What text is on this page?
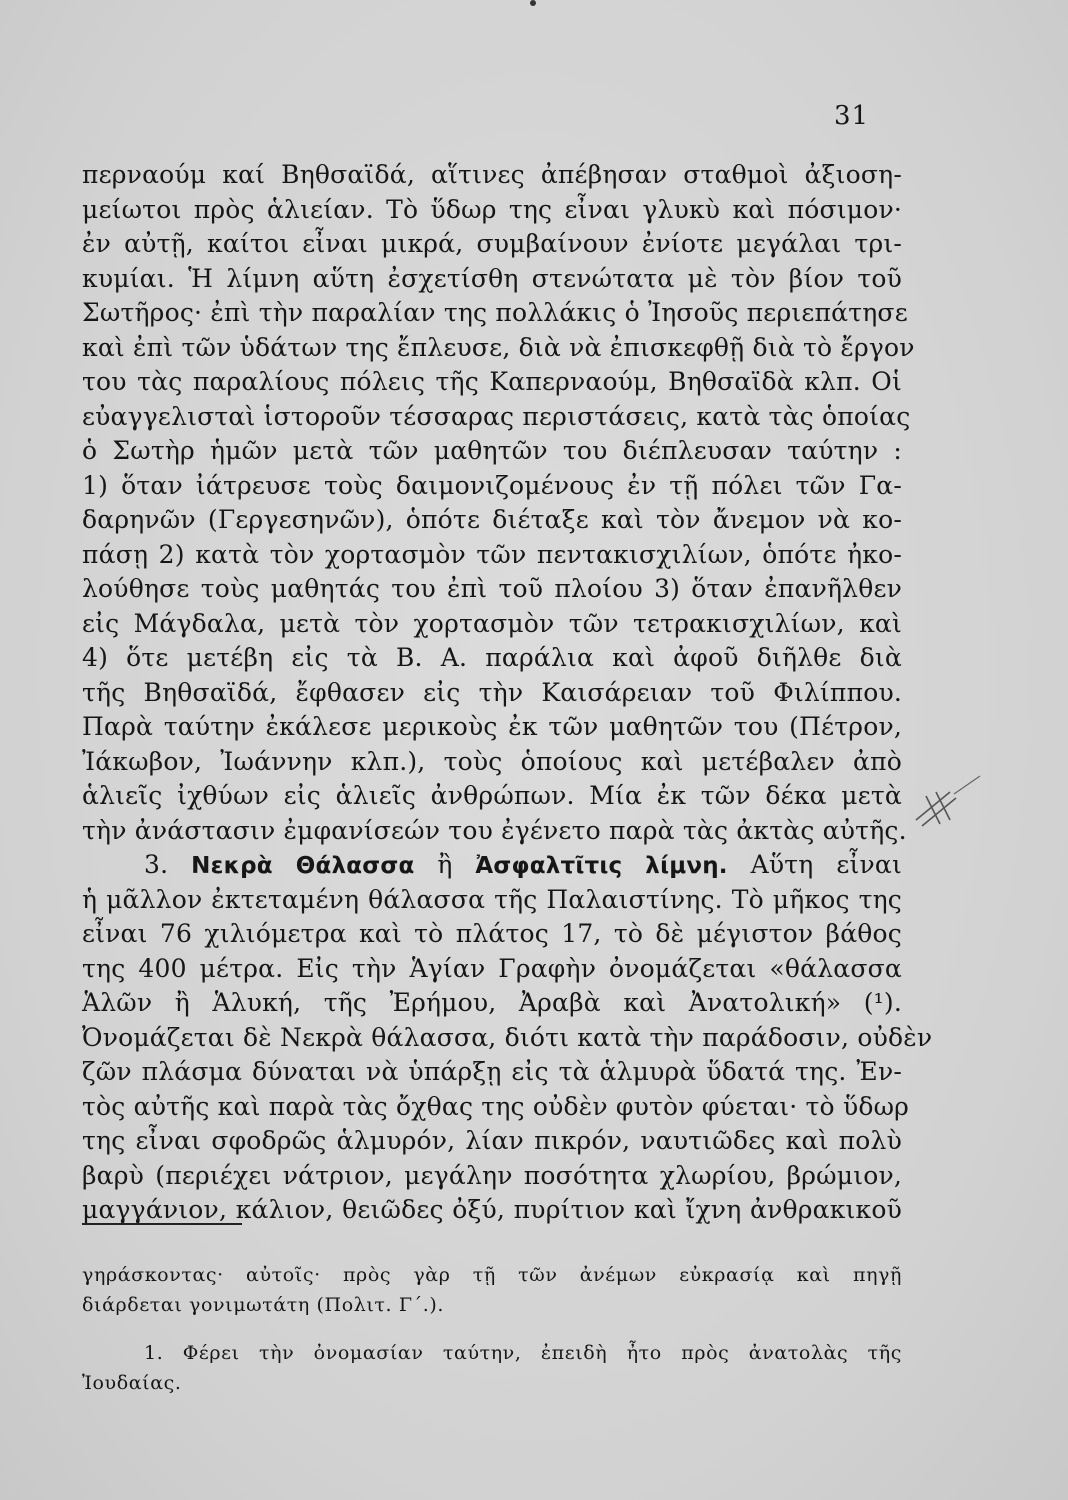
31
περναούμ καί Βηθσαϊδά, αἵτινες ἀπέβησαν σταθμοὶ ἀξιοση-
μείωτοι πρὸς ἁλιείαν. Τὸ ὕδωρ της εἶναι γλυκὺ καὶ πόσιμον·
ἐν αὐτῇ, καίτοι εἶναι μικρά, συμβαίνουν ἐνίοτε μεγάλαι τρι-
κυμίαι. Ἡ λίμνη αὕτη ἐσχετίσθη στενώτατα μὲ τὸν βίον τοῦ
Σωτῆρος· ἐπὶ τὴν παραλίαν της πολλάκις ὁ Ἰησοῦς περιεπάτησε
καὶ ἐπὶ τῶν ὑδάτων της ἔπλευσε, διὰ νὰ ἐπισκεφθῇ διὰ τὸ ἔργον
του τὰς παραλίους πόλεις τῆς Καπερναούμ, Βηθσαϊδὰ κλπ. Οἱ
εὐαγγελισταὶ ἱστοροῦν τέσσαρας περιστάσεις, κατὰ τὰς ὁποίας
ὁ Σωτὴρ ἡμῶν μετὰ τῶν μαθητῶν του διέπλευσαν ταύτην :
1) ὅταν ἰάτρευσε τοὺς δαιμονιζομένους ἐν τῇ πόλει τῶν Γα-
δαρηνῶν (Γεργεσηνῶν), ὁπότε διέταξε καὶ τὸν ἄνεμον νὰ κο-
πάσῃ 2) κατὰ τὸν χορτασμὸν τῶν πεντακισχιλίων, ὁπότε ἠκο-
λούθησε τοὺς μαθητάς του ἐπὶ τοῦ πλοίου 3) ὅταν ἐπανῆλθεν
εἰς Μάγδαλα, μετὰ τὸν χορτασμὸν τῶν τετρακισχιλίων, καὶ
4) ὅτε μετέβη εἰς τὰ Β. Α. παράλια καὶ ἀφοῦ διῆλθε διὰ
τῆς Βηθσαϊδά, ἔφθασεν εἰς τὴν Καισάρειαν τοῦ Φιλίππου.
Παρὰ ταύτην ἐκάλεσε μερικοὺς ἐκ τῶν μαθητῶν του (Πέτρον,
Ἰάκωβον, Ἰωάννην κλπ.), τοὺς ὁποίους καὶ μετέβαλεν ἀπὸ
ἁλιεῖς ἰχθύων εἰς ἁλιεῖς ἀνθρώπων. Μία ἐκ τῶν δέκα μετὰ
τὴν ἀνάστασιν ἐμφανίσεών του ἐγένετο παρὰ τὰς ἀκτὰς αὐτῆς.
3. Νεκρὰ Θάλασσα ἢ Ἀσφαλτῖτις λίμνη. Αὕτη εἶναι
ἡ μᾶλλον ἐκτεταμένη θάλασσα τῆς Παλαιστίνης. Τὸ μῆκος της
εἶναι 76 χιλιόμετρα καὶ τὸ πλάτος 17, τὸ δὲ μέγιστον βάθος
της 400 μέτρα. Εἰς τὴν Ἁγίαν Γραφὴν ὀνομάζεται «θάλασσα
Ἁλῶν ἢ Ἁλυκή, τῆς Ἐρήμου, Ἀραβὰ καὶ Ἀνατολική» (¹).
Ὀνομάζεται δὲ Νεκρὰ θάλασσα, διότι κατὰ τὴν παράδοσιν, οὐδὲν
ζῶν πλάσμα δύναται νὰ ὑπάρξῃ εἰς τὰ ἁλμυρὰ ὕδατά της. Ἐν-
τὸς αὐτῆς καὶ παρὰ τὰς ὄχθας της οὐδὲν φυτὸν φύεται· τὸ ὕδωρ
της εἶναι σφοδρῶς ἁλμυρόν, λίαν πικρόν, ναυτιῶδες καὶ πολὺ
βαρὺ (περιέχει νάτριον, μεγάλην ποσότητα χλωρίου, βρώμιον,
μαγγάνιον, κάλιον, θειῶδες ὀξύ, πυρίτιον καὶ ἴχνη ἀνθρακικοῦ
γηράσκοντας· αὐτοῖς· πρὸς γὰρ τῇ τῶν ἀνέμων εὐκρασίᾳ καὶ πηγῇ
διάρδεται γονιμωτάτη (Πολιτ. Γ΄.).
1. Φέρει τὴν ὀνομασίαν ταύτην, ἐπειδὴ ἦτο πρὸς ἀνατολὰς τῆς
Ἰουδαίας.
